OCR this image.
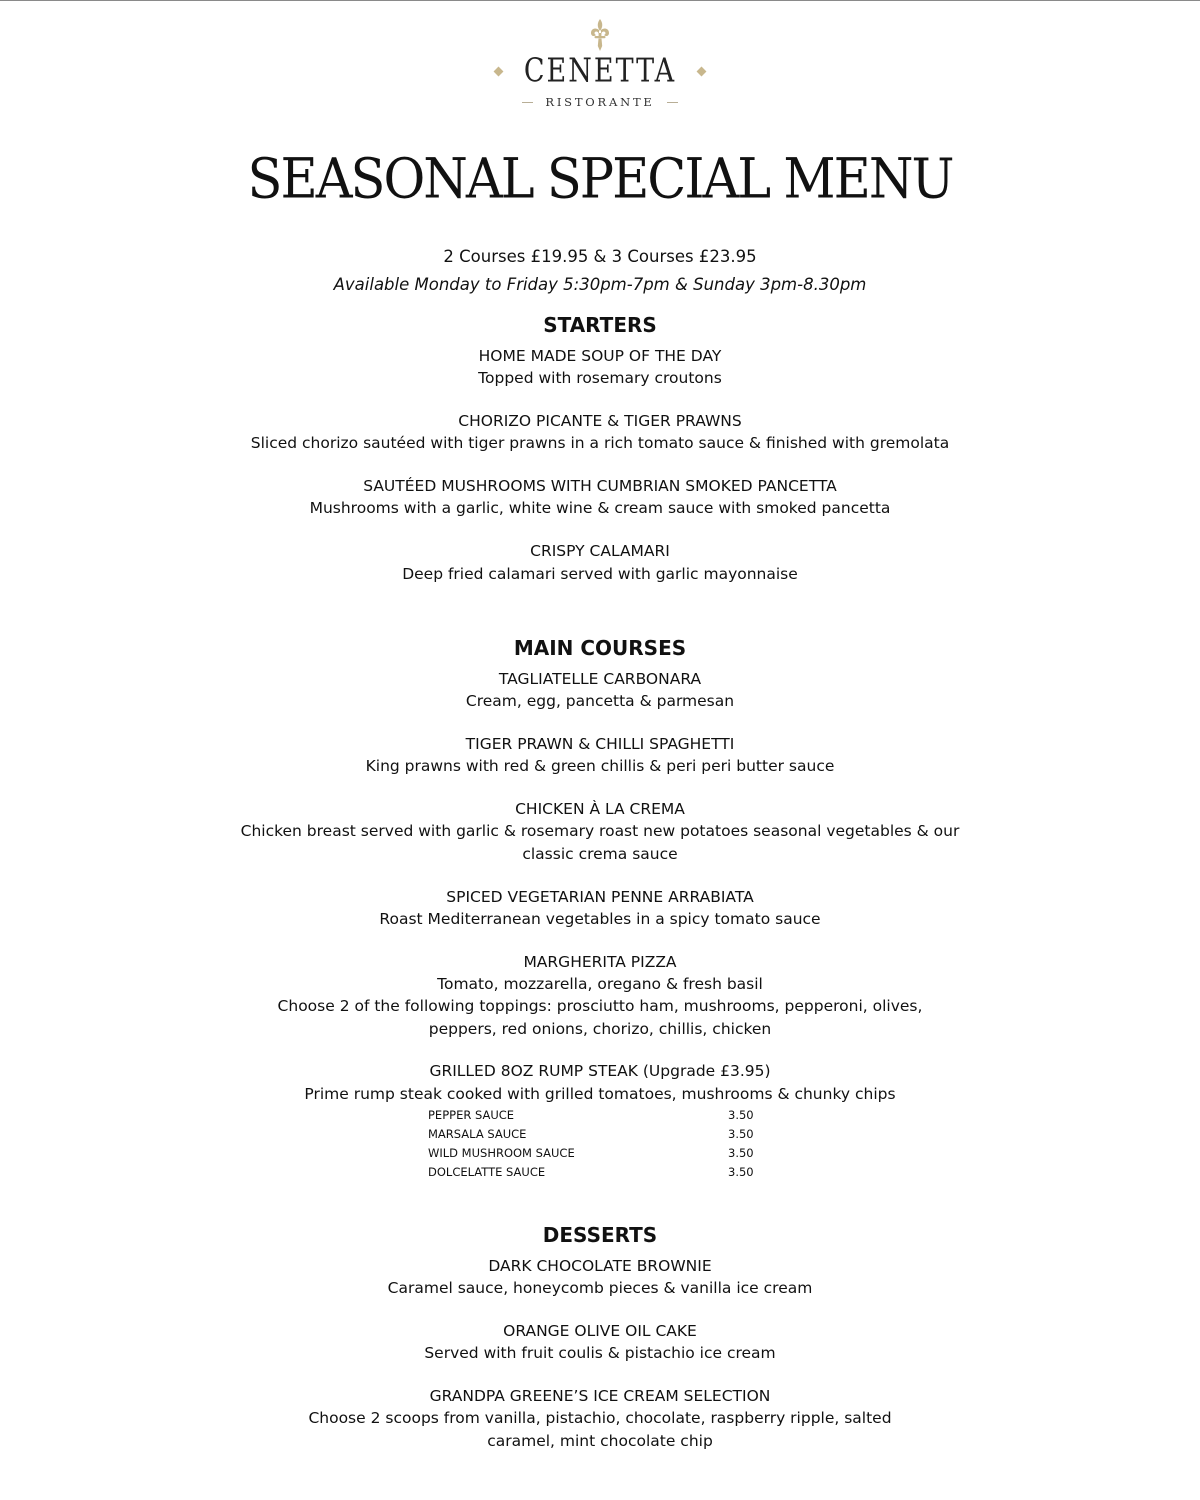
CENETTA
RISTORANTE
SEASONAL SPECIAL MENU
2 Courses £19.95 & 3 Courses £23.95
Available Monday to Friday 5:30pm-7pm & Sunday 3pm-8.30pm
STARTERS
HOME MADE SOUP OF THE DAY
Topped with rosemary croutons
CHORIZO PICANTE & TIGER PRAWNS
Sliced chorizo sautéed with tiger prawns in a rich tomato sauce & finished with gremolata
SAUTÉED MUSHROOMS WITH CUMBRIAN SMOKED PANCETTA
Mushrooms with a garlic, white wine & cream sauce with smoked pancetta
CRISPY CALAMARI
Deep fried calamari served with garlic mayonnaise
MAIN COURSES
TAGLIATELLE CARBONARA
Cream, egg, pancetta & parmesan
TIGER PRAWN & CHILLI SPAGHETTI
King prawns with red & green chillis & peri peri butter sauce
CHICKEN À LA CREMA
Chicken breast served with garlic & rosemary roast new potatoes seasonal vegetables & our classic crema sauce
SPICED VEGETARIAN PENNE ARRABIATA
Roast Mediterranean vegetables in a spicy tomato sauce
MARGHERITA PIZZA
Tomato, mozzarella, oregano & fresh basil
Choose 2 of the following toppings: prosciutto ham, mushrooms, pepperoni, olives, peppers, red onions, chorizo, chillis, chicken
GRILLED 8OZ RUMP STEAK (Upgrade £3.95)
Prime rump steak cooked with grilled tomatoes, mushrooms & chunky chips
PEPPER SAUCE	3.50
MARSALA SAUCE	3.50
WILD MUSHROOM SAUCE	3.50
DOLCELATTE SAUCE	3.50
DESSERTS
DARK CHOCOLATE BROWNIE
Caramel sauce, honeycomb pieces & vanilla ice cream
ORANGE OLIVE OIL CAKE
Served with fruit coulis & pistachio ice cream
GRANDPA GREENE’S ICE CREAM SELECTION
Choose 2 scoops from vanilla, pistachio, chocolate, raspberry ripple, salted caramel, mint chocolate chip
